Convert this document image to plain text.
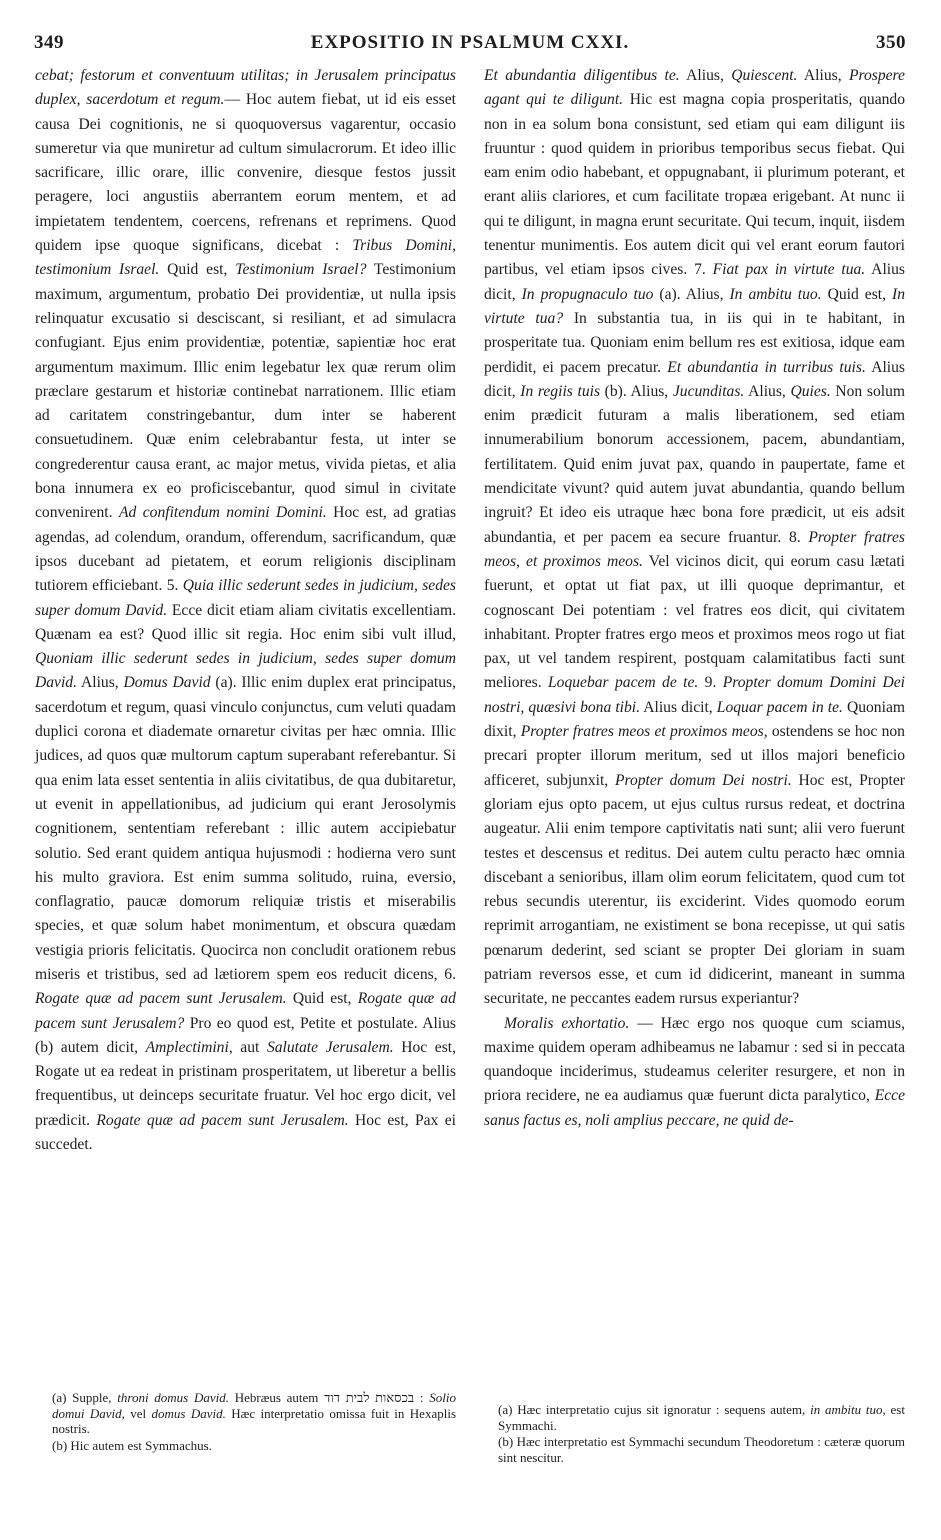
349	EXPOSITIO IN PSALMUM CXXI.	350

cebat; festorum et conventuum utilitas; in Jerusalem principatus duplex, sacerdotum et regum.— Hoc autem fiebat, ut id eis esset causa Dei cognitionis, ne si quoquoversus vagarentur, occasio sumeretur via que muniretur ad cultum simulacrorum. Et ideo illic sacrificare, illic orare, illic convenire, diesque festos jussit peragere, loci angustiis aberrantem eorum mentem, et ad impietatem tendentem, coercens, refrenans et reprimens. Quod quidem ipse quoque significans, dicebat : Tribus Domini, testimonium Israel. Quid est, Testimonium Israel? Testimonium maximum, argumentum, probatio Dei providentiæ, ut nulla ipsis relinquatur excusatio si desciscant, si resiliant, et ad simulacra confugiant. Ejus enim providentiæ, potentiæ, sapientiæ hoc erat argumentum maximum. Illic enim legebatur lex quæ rerum olim præclare gestarum et historiæ continebat narrationem. Illic etiam ad caritatem constringebantur, dum inter se haberent consuetudinem. Quæ enim celebrabantur festa, ut inter se congrederentur causa erant, ac major metus, vivida pietas, et alia bona innumera ex eo proficiscebantur, quod simul in civitate convenirent. Ad confitendum nomini Domini. Hoc est, ad gratias agendas, ad colendum, orandum, offerendum, sacrificandum, quæ ipsos ducebant ad pietatem, et eorum religionis disciplinam tutiorem efficiebant. 5. Quia illic sederunt sedes in judicium, sedes super domum David. Ecce dicit etiam aliam civitatis excellentiam. Quænam ea est? Quod illic sit regia. Hoc enim sibi vult illud, Quoniam illic sederunt sedes in judicium, sedes super domum David. Alius, Domus David (a). Illic enim duplex erat principatus, sacerdotum et regum, quasi vinculo conjunctus, cum veluti quadam duplici corona et diademate ornaretur civitas per hæc omnia. Illic judices, ad quos quæ multorum captum superabant referebantur. Si qua enim lata esset sententia in aliis civitatibus, de qua dubitaretur, ut evenit in appellationibus, ad judicium qui erant Jerosolymis cognitionem, sententiam referebant : illic autem accipiebatur solutio. Sed erant quidem antiqua hujusmodi : hodierna vero sunt his multo graviora. Est enim summa solitudo, ruina, eversio, conflagratio, paucæ domorum reliquiæ tristis et miserabilis species, et quæ solum habet monimentum, et obscura quædam vestigia prioris felicitatis. Quocirca non concludit orationem rebus miseris et tristibus, sed ad lætiorem spem eos reducit dicens, 6. Rogate quæ ad pacem sunt Jerusalem. Quid est, Rogate quæ ad pacem sunt Jerusalem? Pro eo quod est, Petite et postulate. Alius (b) autem dicit, Amplectimini, aut Salutate Jerusalem. Hoc est, Rogate ut ea redeat in pristinam prosperitatem, ut liberetur a bellis frequentibus, ut deinceps securitate fruatur. Vel hoc ergo dicit, vel prædicit. Rogate quæ ad pacem sunt Jerusalem. Hoc est, Pax ei succedet.

Et abundantia diligentibus te. Alius, Quiescent. Alius, Prospere agant qui te diligunt. Hic est magna copia prosperitatis, quando non in ea solum bona consistunt, sed etiam qui eam diligunt iis fruuntur : quod quidem in prioribus temporibus secus fiebat. Qui eam enim odio habebant, et oppugnabant, ii plurimum poterant, et erant aliis clariores, et cum facilitate tropæa erigebant. At nunc ii qui te diligunt, in magna erunt securitate. Qui tecum, inquit, iisdem tenentur munimentis. Eos autem dicit qui vel erant eorum fautori partibus, vel etiam ipsos cives. 7. Fiat pax in virtute tua. Alius dicit, In propugnaculo tuo (a). Alius, In ambitu tuo. Quid est, In virtute tua? In substantia tua, in iis qui in te habitant, in prosperitate tua. Quoniam enim bellum res est exitiosa, idque eam perdidit, ei pacem precatur. Et abundantia in turribus tuis. Alius dicit, In regiis tuis (b). Alius, Jucunditas. Alius, Quies. Non solum enim prædicit futuram a malis liberationem, sed etiam innumerabilium bonorum accessionem, pacem, abundantiam, fertilitatem. Quid enim juvat pax, quando in paupertate, fame et mendicitate vivunt? quid autem juvat abundantia, quando bellum ingruit? Et ideo eis utraque hæc bona fore prædicit, ut eis adsit abundantia, et per pacem ea secure fruantur. 8. Propter fratres meos, et proximos meos. Vel vicinos dicit, qui eorum casu lætati fuerunt, et optat ut fiat pax, ut illi quoque deprimantur, et cognoscant Dei potentiam : vel fratres eos dicit, qui civitatem inhabitant. Propter fratres ergo meos et proximos meos rogo ut fiat pax, ut vel tandem respirent, postquam calamitatibus facti sunt meliores. Loquebar pacem de te. 9. Propter domum Domini Dei nostri, quæsivi bona tibi. Alius dicit, Loquar pacem in te. Quoniam dixit, Propter fratres meos et proximos meos, ostendens se hoc non precari propter illorum meritum, sed ut illos majori beneficio afficeret, subjunxit, Propter domum Dei nostri. Hoc est, Propter gloriam ejus opto pacem, ut ejus cultus rursus redeat, et doctrina augeatur. Alii enim tempore captivitatis nati sunt; alii vero fuerunt testes et descensus et reditus. Dei autem cultu peracto hæc omnia discebant a senioribus, illam olim eorum felicitatem, quod cum tot rebus secundis uterentur, iis exciderint. Vides quomodo eorum reprimit arrogantiam, ne existiment se bona recepisse, ut qui satis pœnarum dederint, sed sciant se propter Dei gloriam in suam patriam reversos esse, et cum id didicerint, maneant in summa securitate, ne peccantes eadem rursus experiantur?

Moralis exhortatio. — Hæc ergo nos quoque cum sciamus, maxime quidem operam adhibeamus ne labamur : sed si in peccata quandoque inciderimus, studeamus celeriter resurgere, et non in priora recidere, ne ea audiamus quæ fuerunt dicta paralytico, Ecce sanus factus es, noli amplius peccare, ne quid de-

(a) Supple, throni domus David. Hebræus autem בכסאות לבית דוד : Solio domui David, vel domus David. Hæc interpretatio omissa fuit in Hexaplis nostris.

(b) Hic autem est Symmachus.

(a) Hæc interpretatio cujus sit ignoratur : sequens autem, in ambitu tuo, est Symmachi.

(b) Hæc interpretatio est Symmachi secundum Theodoretum : cæteræ quorum sint nescitur.
